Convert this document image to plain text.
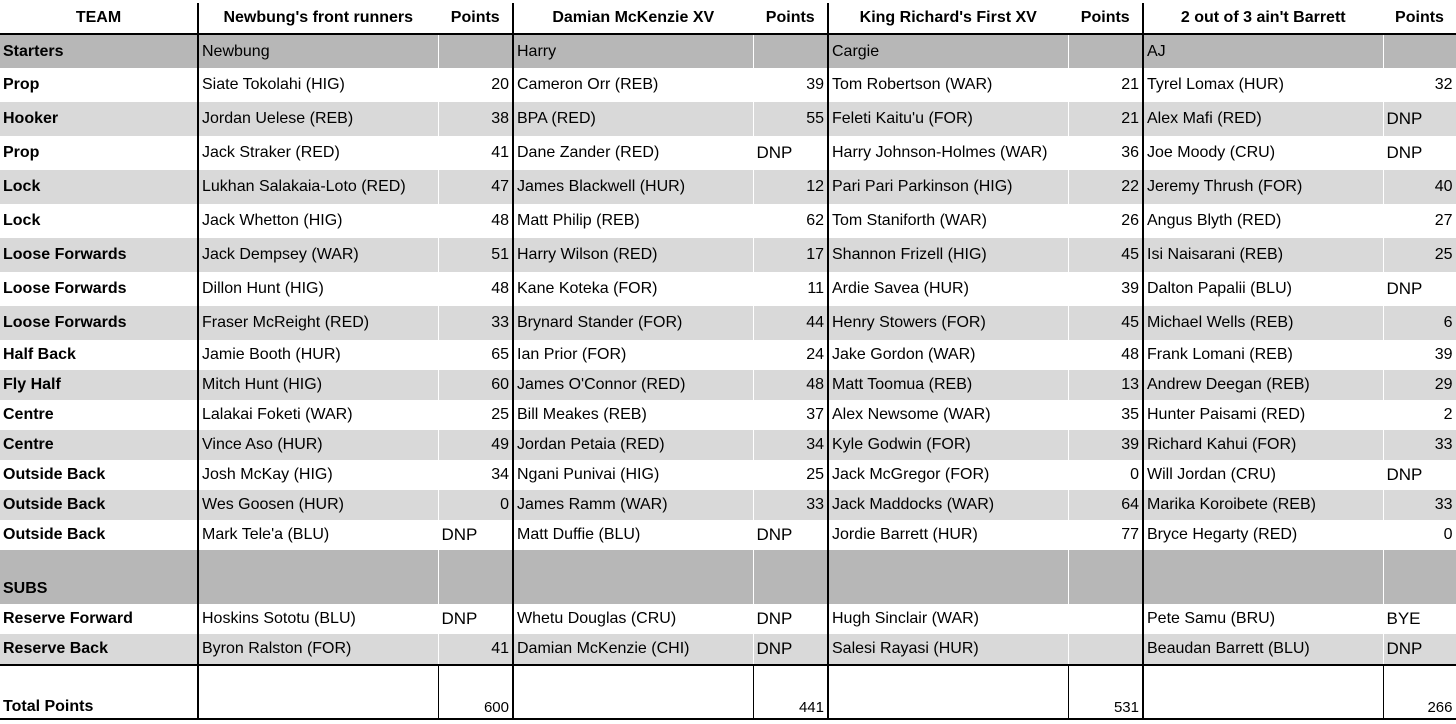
TEAM	Newbung's front runners	Points	Damian McKenzie XV	Points	King Richard's First XV	Points	2 out of 3 ain't Barrett	Points
Starters	Newbung		Harry		Cargie		AJ	
Prop	Siate Tokolahi (HIG)	20	Cameron Orr (REB)	39	Tom Robertson (WAR)	21	Tyrel Lomax (HUR)	32
Hooker	Jordan Uelese (REB)	38	BPA (RED)	55	Feleti Kaitu'u (FOR)	21	Alex Mafi (RED)	DNP
Prop	Jack Straker (RED)	41	Dane Zander (RED)	DNP	Harry Johnson-Holmes (WAR)	36	Joe Moody (CRU)	DNP
Lock	Lukhan Salakaia-Loto (RED)	47	James Blackwell (HUR)	12	Pari Pari Parkinson (HIG)	22	Jeremy Thrush (FOR)	40
Lock	Jack Whetton (HIG)	48	Matt Philip (REB)	62	Tom Staniforth (WAR)	26	Angus Blyth (RED)	27
Loose Forwards	Jack Dempsey (WAR)	51	Harry Wilson (RED)	17	Shannon Frizell (HIG)	45	Isi Naisarani (REB)	25
Loose Forwards	Dillon Hunt (HIG)	48	Kane Koteka (FOR)	11	Ardie Savea (HUR)	39	Dalton Papalii (BLU)	DNP
Loose Forwards	Fraser McReight (RED)	33	Brynard Stander (FOR)	44	Henry Stowers (FOR)	45	Michael Wells (REB)	6
Half Back	Jamie Booth (HUR)	65	Ian Prior (FOR)	24	Jake Gordon (WAR)	48	Frank Lomani (REB)	39
Fly Half	Mitch Hunt (HIG)	60	James O'Connor (RED)	48	Matt Toomua (REB)	13	Andrew Deegan (REB)	29
Centre	Lalakai Foketi (WAR)	25	Bill Meakes (REB)	37	Alex Newsome (WAR)	35	Hunter Paisami (RED)	2
Centre	Vince Aso (HUR)	49	Jordan Petaia (RED)	34	Kyle Godwin (FOR)	39	Richard Kahui (FOR)	33
Outside Back	Josh McKay (HIG)	34	Ngani Punivai (HIG)	25	Jack McGregor (FOR)	0	Will Jordan (CRU)	DNP
Outside Back	Wes Goosen (HUR)	0	James Ramm (WAR)	33	Jack Maddocks (WAR)	64	Marika Koroibete (REB)	33
Outside Back	Mark Tele'a (BLU)	DNP	Matt Duffie (BLU)	DNP	Jordie Barrett (HUR)	77	Bryce Hegarty (RED)	0

SUBS								
Reserve Forward	Hoskins Sototu (BLU)	DNP	Whetu Douglas (CRU)	DNP	Hugh Sinclair (WAR)		Pete Samu (BRU)	BYE
Reserve Back	Byron Ralston (FOR)	41	Damian McKenzie (CHI)	DNP	Salesi Rayasi (HUR)		Beaudan Barrett (BLU)	DNP
Total Points		600		441		531		266
